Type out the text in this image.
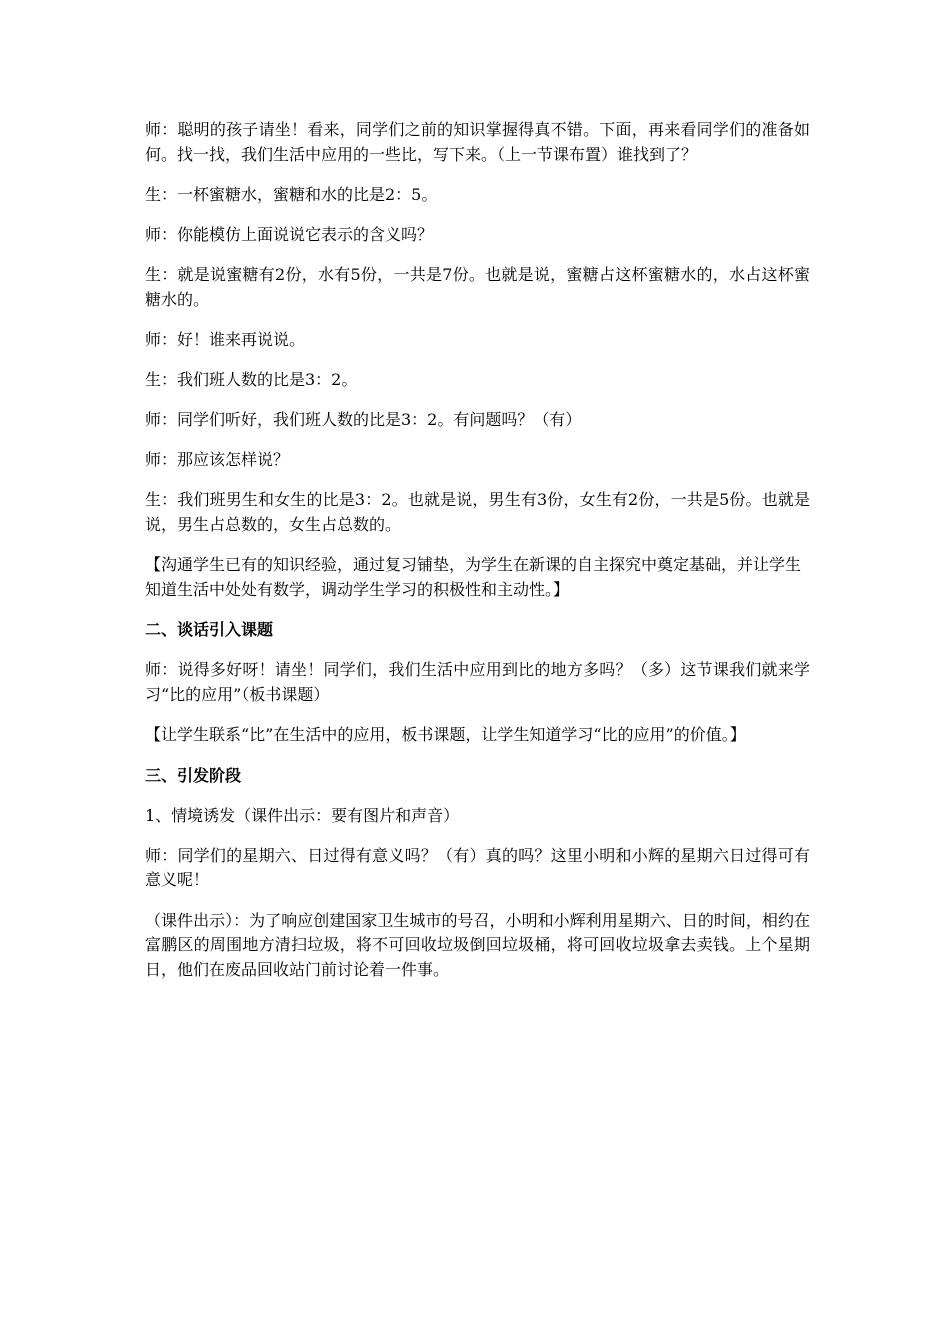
师：聪明的孩子请坐！看来，同学们之前的知识掌握得真不错。下面，再来看同学们的准备如何。找一找，我们生活中应用的一些比，写下来。（上一节课布置）谁找到了？

生：一杯蜜糖水，蜜糖和水的比是2：5。

师：你能模仿上面说说它表示的含义吗？

生：就是说蜜糖有2份，水有5份，一共是7份。也就是说，蜜糖占这杯蜜糖水的，水占这杯蜜糖水的。

师：好！谁来再说说。

生：我们班人数的比是3：2。

师：同学们听好，我们班人数的比是3：2。有问题吗？（有）

师：那应该怎样说？

生：我们班男生和女生的比是3：2。也就是说，男生有3份，女生有2份，一共是5份。也就是说，男生占总数的，女生占总数的。

【沟通学生已有的知识经验，通过复习铺垫，为学生在新课的自主探究中奠定基础，并让学生知道生活中处处有数学，调动学生学习的积极性和主动性。】

二、谈话引入课题

师：说得多好呀！请坐！同学们，我们生活中应用到比的地方多吗？（多）这节课我们就来学习“比的应用”（板书课题）

【让学生联系“比”在生活中的应用，板书课题，让学生知道学习“比的应用”的价值。】

三、引发阶段

1、情境诱发（课件出示：要有图片和声音）

师：同学们的星期六、日过得有意义吗？（有）真的吗？这里小明和小辉的星期六日过得可有意义呢！

（课件出示）：为了响应创建国家卫生城市的号召，小明和小辉利用星期六、日的时间，相约在富鹏区的周围地方清扫垃圾，将不可回收垃圾倒回垃圾桶，将可回收垃圾拿去卖钱。上个星期日，他们在废品回收站门前讨论着一件事。
